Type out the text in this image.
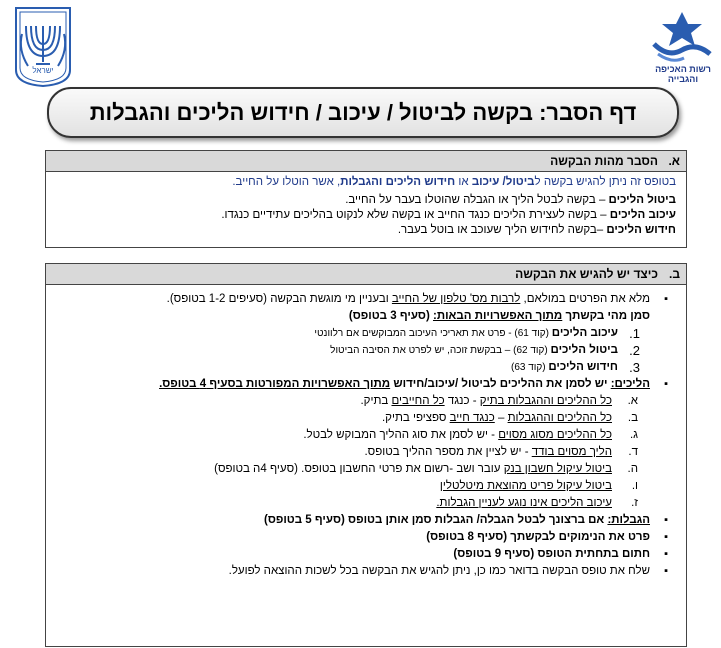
רשות האכיפה והגבייה
ישראל
דף הסבר: בקשה לביטול / עיכוב / חידוש הליכים והגבלות
א.הסבר מהות הבקשה
בטופס זה ניתן להגיש בקשה לביטול/ עיכוב או חידוש הליכים והגבלות, אשר הוטלו על החייב.
ביטול הליכים – בקשה לבטל הליך או הגבלה שהוטלו בעבר על החייב.
עיכוב הליכים – בקשה לעצירת הליכים כנגד החייב או בקשה שלא לנקוט בהליכים עתידיים כנגדו.
חידוש הליכים –בקשה לחידוש הליך שעוכב או בוטל בעבר.
ב.כיצד יש להגיש את הבקשה
▪ מלא את הפרטים במולאם, לרבות מס' טלפון של החייב ובעניין מי מוגשת הבקשה (סעיפים 1-2 בטופס).
סמן מהי בקשתך מתוך האפשרויות הבאות: (סעיף 3 בטופס)
1.
עיכוב הליכים (קוד 61) - פרט את תאריכי העיכוב המבוקשים אם רלוונטי
2.
ביטול הליכים (קוד 62) – בבקשת זוכה, יש לפרט את הסיבה הביטול
3.
חידוש הליכים (קוד 63)
▪ הליכים: יש לסמן את ההליכים לביטול /עיכוב/חידוש מתוך האפשרויות המפורטות בסעיף 4 בטופס.
א.
כל ההליכים וההגבלות בתיק - כנגד כל החייבים בתיק.
ב.
כל ההליכים וההגבלות – כנגד חייב ספציפי בתיק.
ג.
כל ההליכים מסוג מסוים - יש לסמן את סוג ההליך המבוקש לבטל.
ד.
הליך מסוים בודד - יש לציין את מספר ההליך בטופס.
ה.
ביטול עיקול חשבון בנק עובר ושב -רשום את פרטי החשבון בטופס. (סעיף 4ה בטופס)
ו.
ביטול עיקול פריט מהוצאת מיטלטלין
ז.
עיכוב הליכים אינו נוגע לעניין הגבלות.
▪ הגבלות: אם ברצונך לבטל הגבלה/ הגבלות סמן אותן בטופס (סעיף 5 בטופס)
▪ פרט את הנימוקים לבקשתך (סעיף 8 בטופס)
▪ חתום בתחתית הטופס (סעיף 9 בטופס)
▪ שלח את טופס הבקשה בדואר כמו כן, ניתן להגיש את הבקשה בכל לשכות ההוצאה לפועל.
